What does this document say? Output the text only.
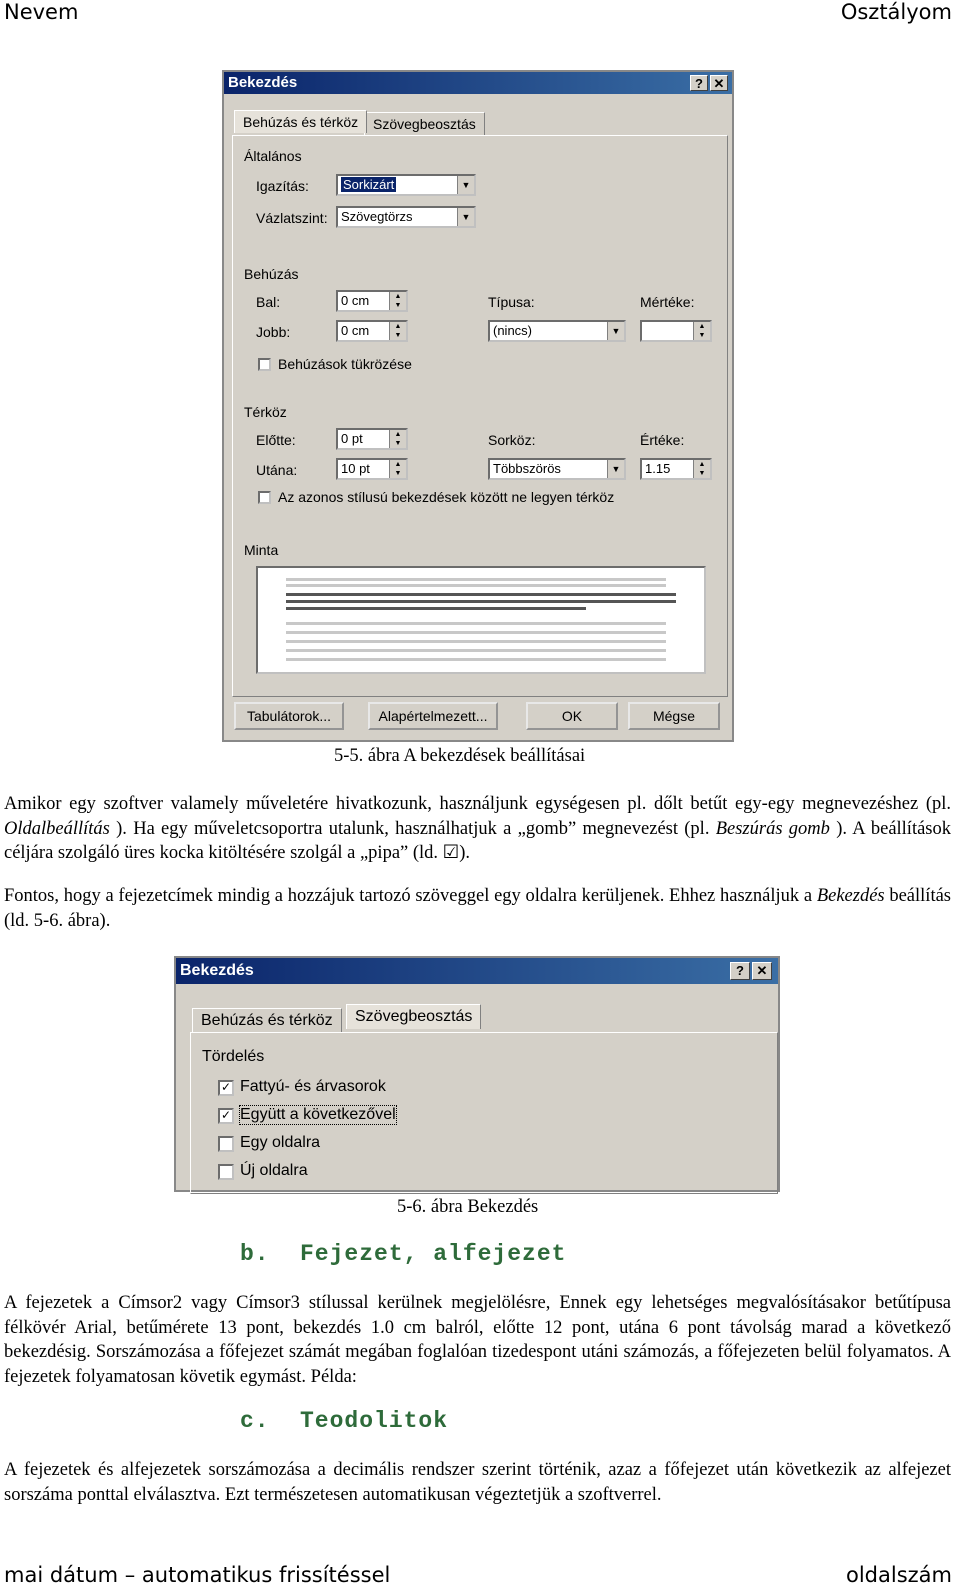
Nevem	Osztályom
Bekezdés	? ✕
Behúzás és térköz	Szövegbeosztás
Általános
Igazítás:	Sorkizárt	▼
Vázlatszint:	Szövegtörzs	▼
Behúzás
Bal:	0 cm	▲
▼
Jobb:	0 cm	▲
▼
Típusa:
(nincs)	▼
Mértéke:
▲
▼
Behúzások tükrözése
Térköz
Előtte:	0 pt	▲
▼
Utána:	10 pt	▲
▼
Sorköz:
Többszörös	▼
Értéke:
1.15	▲
▼
Az azonos stílusú bekezdések között ne legyen térköz
Minta
Tabulátorok...	Alapértelmezett...	OK	Mégse
5-5. ábra A bekezdések beállításai
Amikor egy szoftver valamely műveletére hivatkozunk, használjunk egységesen pl. dőlt betűt egy-egy megnevezéshez (pl. Oldalbeállítás ). Ha egy műveletcsoportra utalunk, használhatjuk a „gomb” megnevezést (pl. Beszúrás gomb ). A beállítások céljára szolgáló üres kocka kitöltésére szolgál a „pipa” (ld. ☑).
Fontos, hogy a fejezetcímek mindig a hozzájuk tartozó szöveggel egy oldalra kerüljenek. Ehhez használjuk a Bekezdés beállítás (ld. 5-6. ábra).
Bekezdés	? ✕
Behúzás és térköz	Szövegbeosztás
Tördelés
✓ Fattyú- és árvasorok
✓ Együtt a következővel
Egy oldalra
Új oldalra
5-6. ábra Bekezdés
b. Fejezet, alfejezet
A fejezetek a Címsor2 vagy Címsor3 stílussal kerülnek megjelölésre, Ennek egy lehetséges megvalósításakor betűtípusa félkövér Arial, betűmérete 13 pont, bekezdés 1.0 cm balról, előtte 12 pont, utána 6 pont távolság marad a következő bekezdésig. Sorszámozása a főfejezet számát megában foglalóan tizedespont utáni számozás, a főfejezeten belül folyamatos. A fejezetek folyamatosan követik egymást. Példa:
c. Teodolitok
A fejezetek és alfejezetek sorszámozása a decimális rendszer szerint történik, azaz a főfejezet után következik az alfejezet sorszáma ponttal elválasztva. Ezt természetesen automatikusan végeztetjük a szoftverrel.
mai dátum – automatikus frissítéssel	oldalszám
